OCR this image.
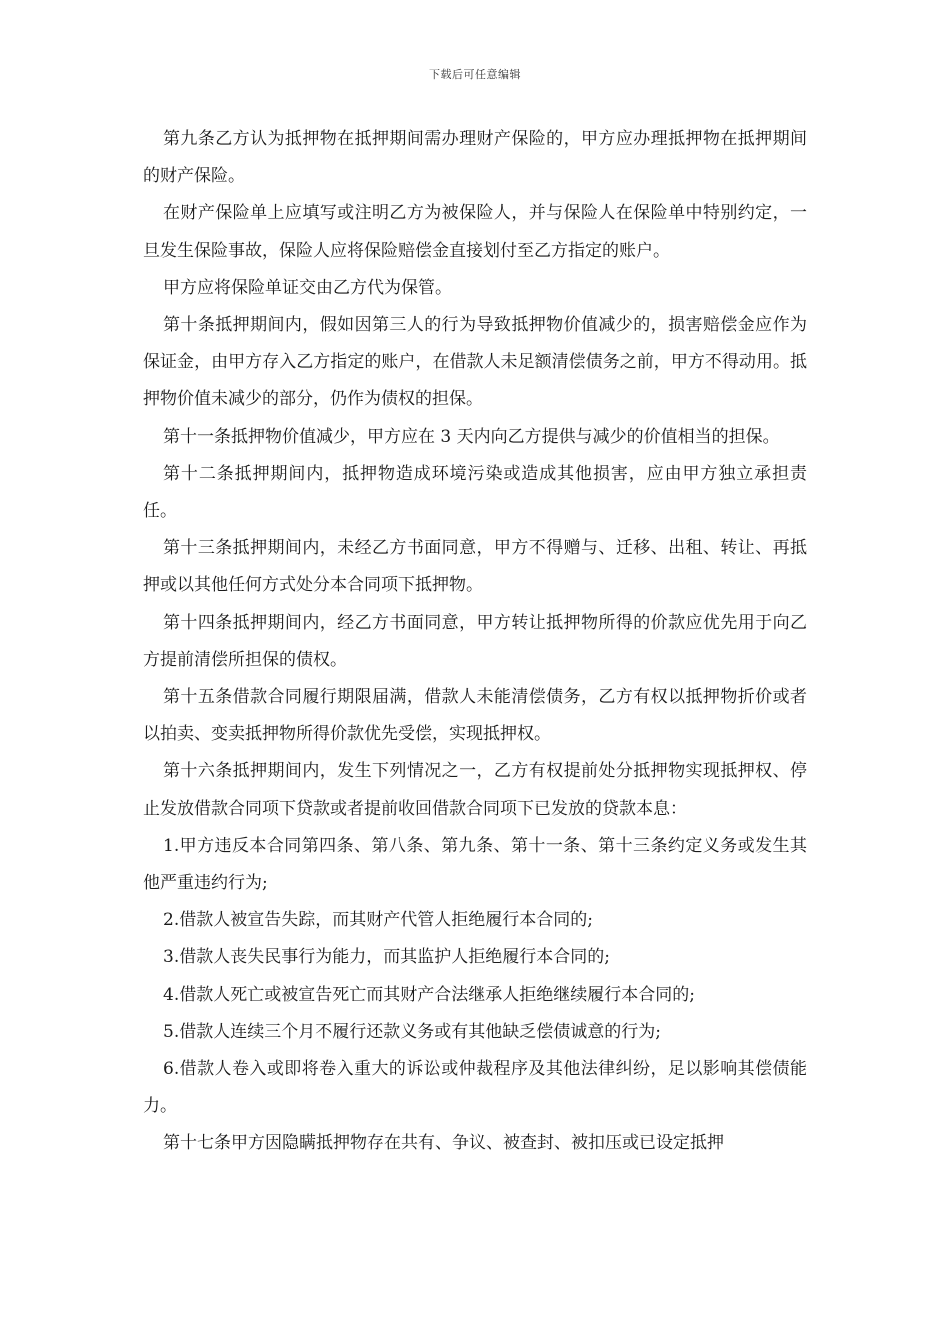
下载后可任意编辑

第九条乙方认为抵押物在抵押期间需办理财产保险的，甲方应办理抵押物在抵押期间的财产保险。

在财产保险单上应填写或注明乙方为被保险人，并与保险人在保险单中特别约定，一旦发生保险事故，保险人应将保险赔偿金直接划付至乙方指定的账户。

甲方应将保险单证交由乙方代为保管。

第十条抵押期间内，假如因第三人的行为导致抵押物价值减少的，损害赔偿金应作为保证金，由甲方存入乙方指定的账户，在借款人未足额清偿债务之前，甲方不得动用。抵押物价值未减少的部分，仍作为债权的担保。

第十一条抵押物价值减少，甲方应在 3 天内向乙方提供与减少的价值相当的担保。

第十二条抵押期间内，抵押物造成环境污染或造成其他损害，应由甲方独立承担责任。

第十三条抵押期间内，未经乙方书面同意，甲方不得赠与、迁移、出租、转让、再抵押或以其他任何方式处分本合同项下抵押物。

第十四条抵押期间内，经乙方书面同意，甲方转让抵押物所得的价款应优先用于向乙方提前清偿所担保的债权。

第十五条借款合同履行期限届满，借款人未能清偿债务，乙方有权以抵押物折价或者以拍卖、变卖抵押物所得价款优先受偿，实现抵押权。

第十六条抵押期间内，发生下列情况之一，乙方有权提前处分抵押物实现抵押权、停止发放借款合同项下贷款或者提前收回借款合同项下已发放的贷款本息：

1.甲方违反本合同第四条、第八条、第九条、第十一条、第十三条约定义务或发生其他严重违约行为;

2.借款人被宣告失踪，而其财产代管人拒绝履行本合同的;

3.借款人丧失民事行为能力，而其监护人拒绝履行本合同的;

4.借款人死亡或被宣告死亡而其财产合法继承人拒绝继续履行本合同的;

5.借款人连续三个月不履行还款义务或有其他缺乏偿债诚意的行为;

6.借款人卷入或即将卷入重大的诉讼或仲裁程序及其他法律纠纷，足以影响其偿债能力。

第十七条甲方因隐瞒抵押物存在共有、争议、被查封、被扣压或已设定抵押
